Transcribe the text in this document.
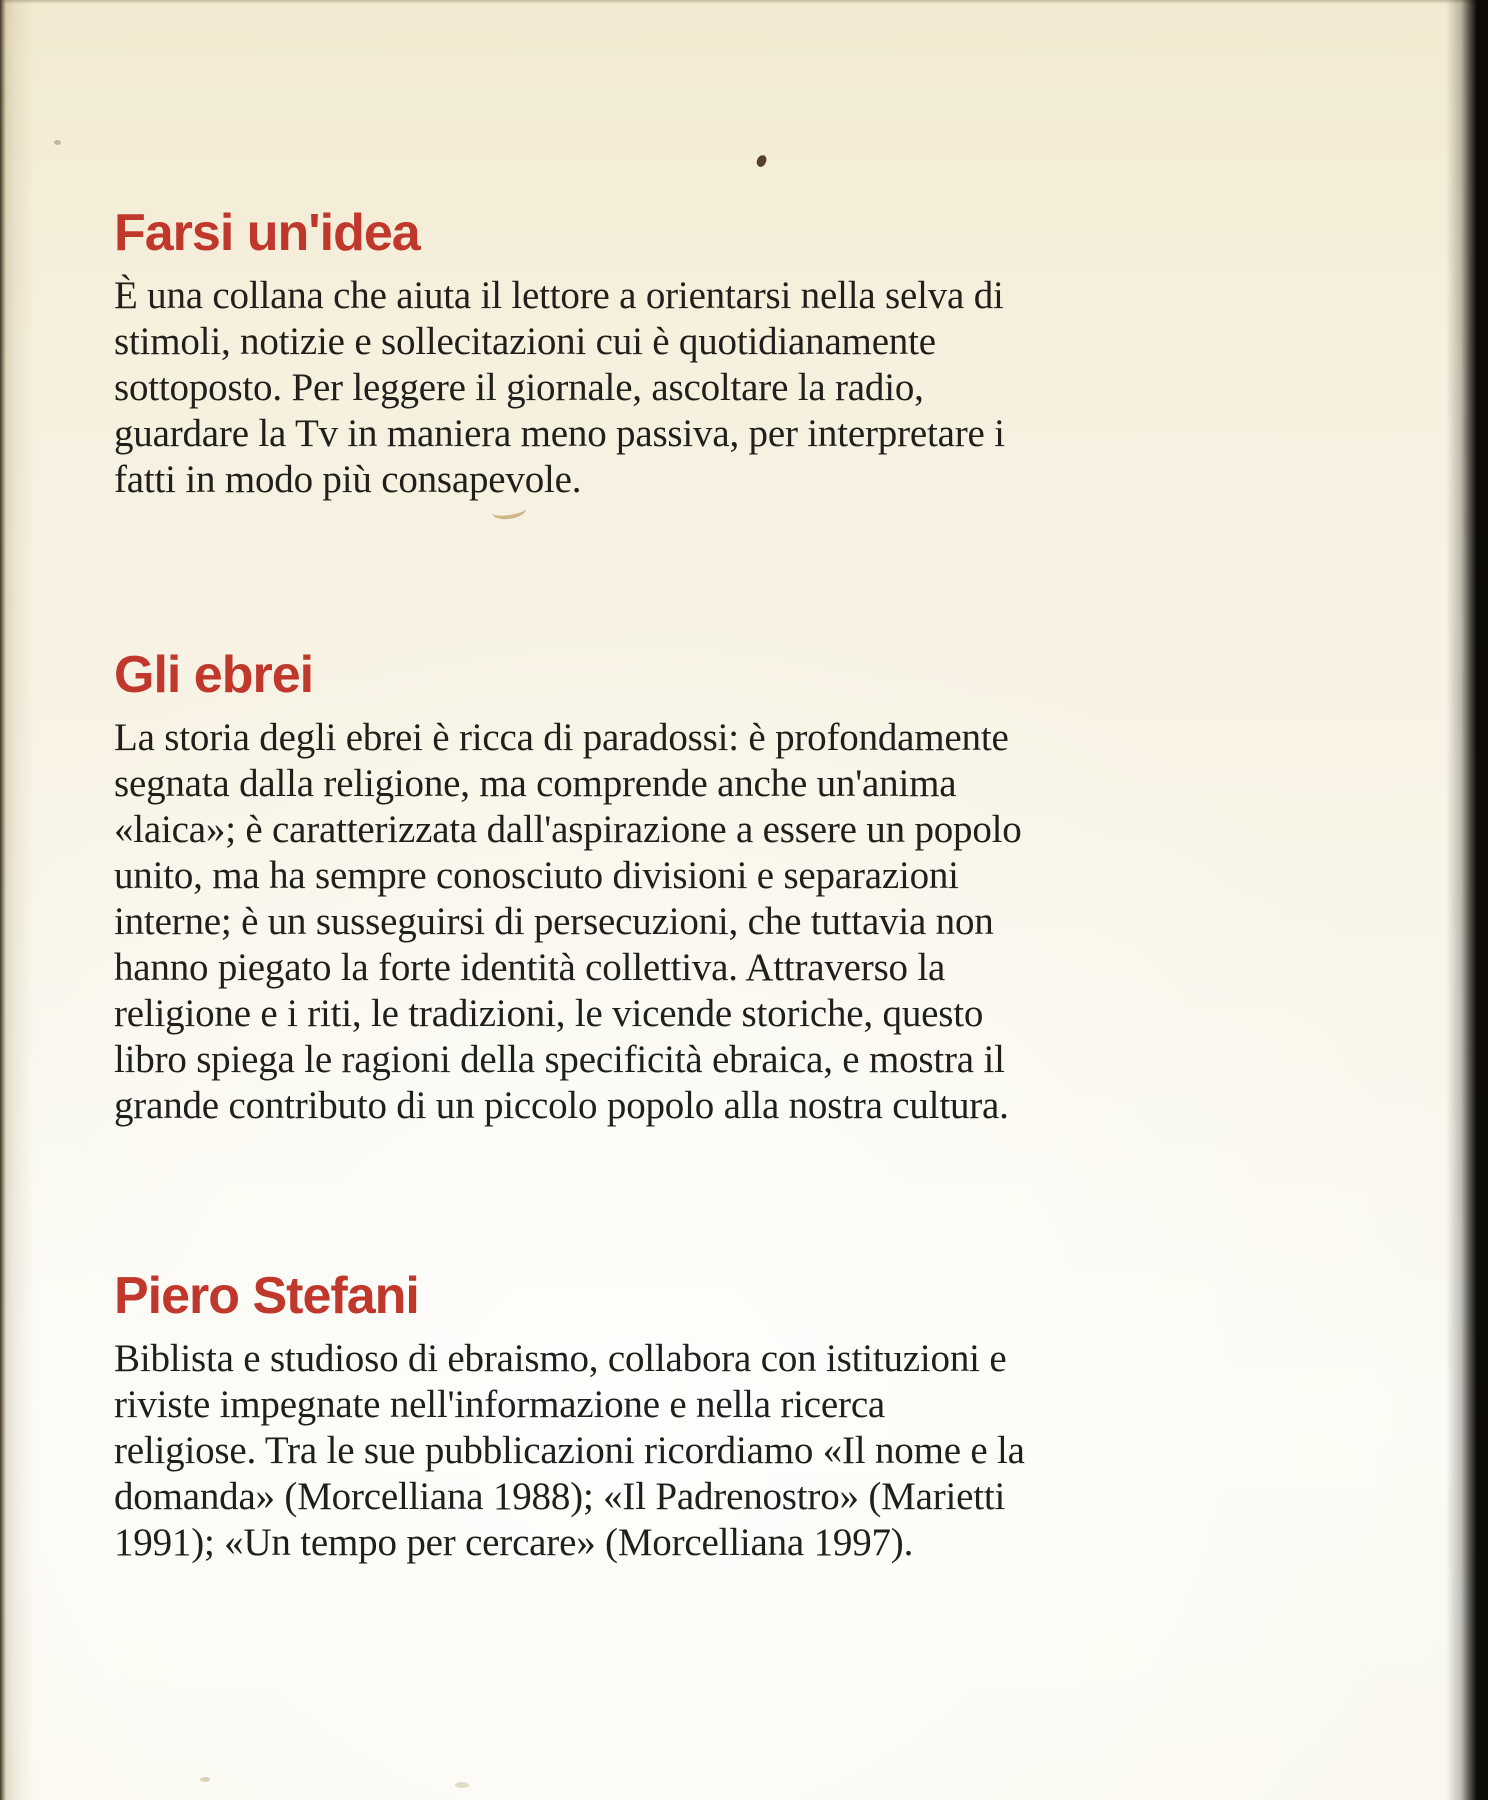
Farsi un'idea
È una collana che aiuta il lettore a orientarsi nella selva di
stimoli, notizie e sollecitazioni cui è quotidianamente
sottoposto. Per leggere il giornale, ascoltare la radio,
guardare la Tv in maniera meno passiva, per interpretare i
fatti in modo più consapevole.
Gli ebrei
La storia degli ebrei è ricca di paradossi: è profondamente
segnata dalla religione, ma comprende anche un'anima
«laica»; è caratterizzata dall'aspirazione a essere un popolo
unito, ma ha sempre conosciuto divisioni e separazioni
interne; è un susseguirsi di persecuzioni, che tuttavia non
hanno piegato la forte identità collettiva. Attraverso la
religione e i riti, le tradizioni, le vicende storiche, questo
libro spiega le ragioni della specificità ebraica, e mostra il
grande contributo di un piccolo popolo alla nostra cultura.
Piero Stefani
Biblista e studioso di ebraismo, collabora con istituzioni e
riviste impegnate nell'informazione e nella ricerca
religiose. Tra le sue pubblicazioni ricordiamo «Il nome e la
domanda» (Morcelliana 1988); «Il Padrenostro» (Marietti
1991); «Un tempo per cercare» (Morcelliana 1997).
